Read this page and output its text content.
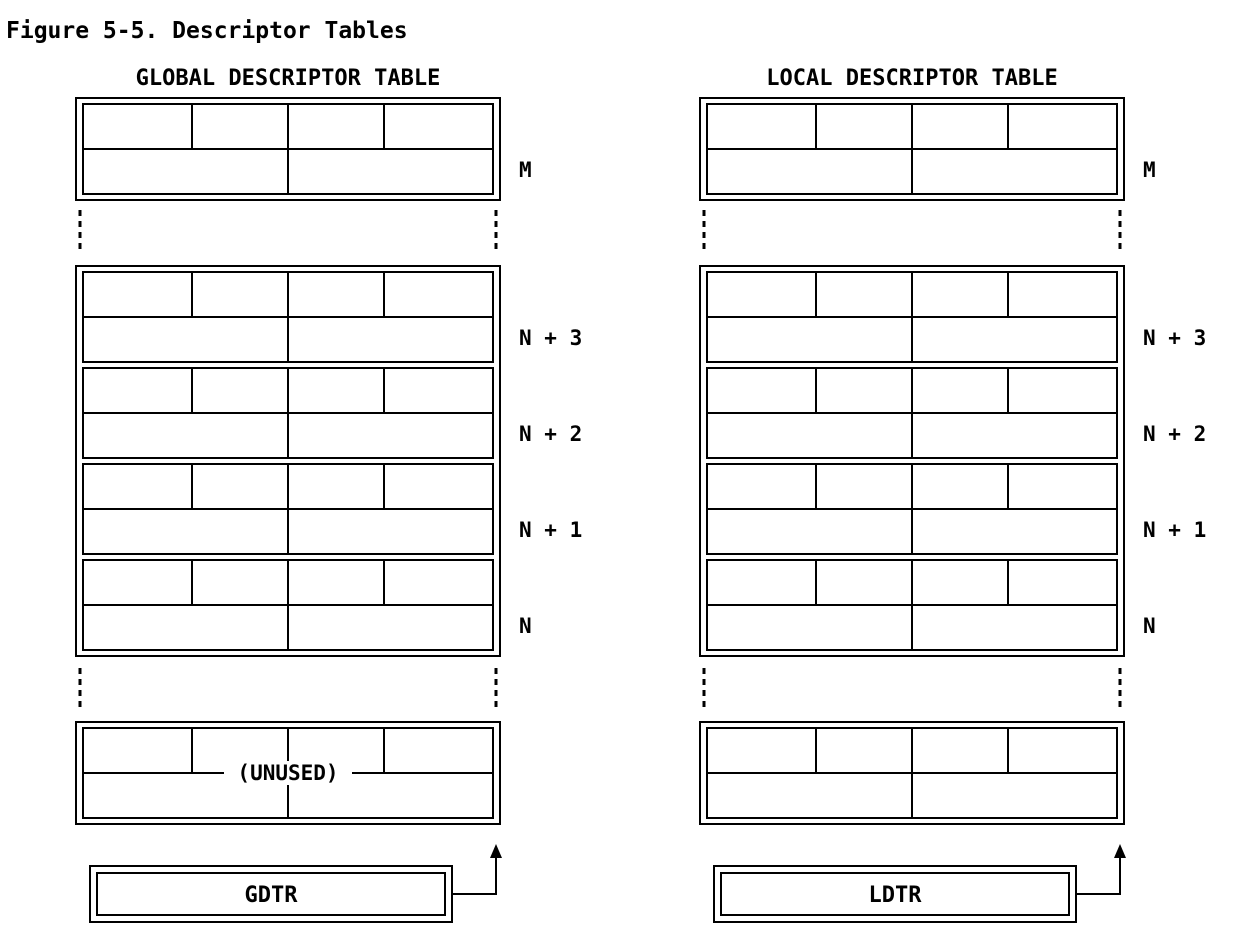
Figure 5-5. Descriptor Tables
GLOBAL DESCRIPTOR TABLE
M
N + 3
N + 2
N + 1
N
(UNUSED)
GDTR
LOCAL DESCRIPTOR TABLE
M
N + 3
N + 2
N + 1
N
LDTR
